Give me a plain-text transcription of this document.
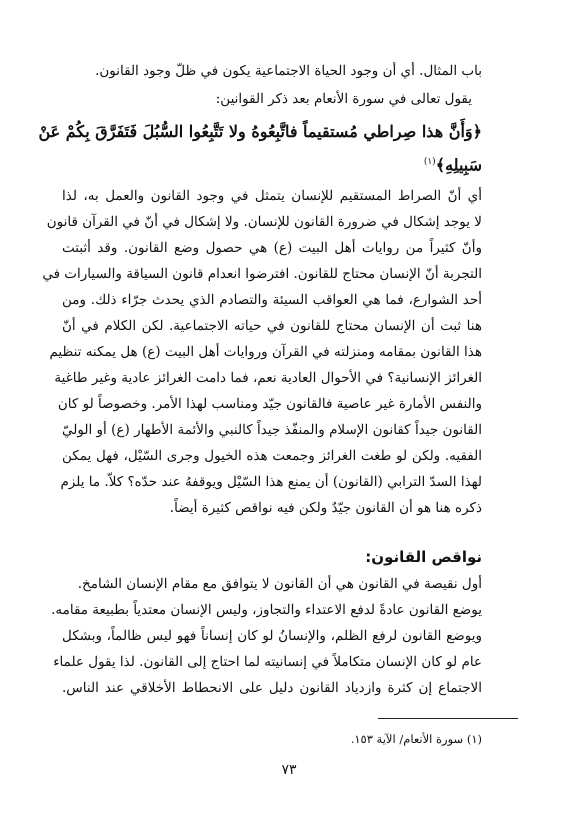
باب المثال. أي أن وجود الحياة الاجتماعية يكون في ظلّ وجود القانون.
يقول تعالى في سورة الأنعام بعد ذكر القوانين:
﴿وَأَنَّ هذا صِراطي مُستقيماً فاتَّبِعُوهُ ولا تَتَّبِعُوا السُّبُلَ فَتَفَرَّقَ بِكُمْ عَنْ
سَبِيلِهِ﴾$^{(١)}$
أي أنّ الصراط المستقيم للإنسان يتمثل في وجود القانون والعمل به، لذا
لا يوجد إشكال في ضرورة القانون للإنسان. ولا إشكال في أنّ في القرآن قانون
وأنّ كثيراً من روايات أهل البيت (ع) هي حصول وضع القانون. وقد أثبتت
التجربة أنّ الإنسان محتاج للقانون. افترضوا انعدام قانون السياقة والسيارات في
أحد الشوارع، فما هي العواقب السيئة والتصادم الذي يحدث جرّاء ذلك. ومن
هنا ثبت أن الإنسان محتاج للقانون في حياته الاجتماعية. لكن الكلام في أنّ
هذا القانون بمقامه ومنزلته في القرآن وروايات أهل البيت (ع) هل يمكنه تنظيم
الغرائز الإنسانية؟ في الأحوال العادية نعم، فما دامت الغرائز عادية وغير طاغية
والنفس الأمارة غير عاصية فالقانون جيّد ومناسب لهذا الأمر. وخصوصاً لو كان
القانون جيداً كقانون الإسلام والمنفّذ جيداً كالنبي والأئمة الأطهار (ع) أو الوليّ
الفقيه. ولكن لو طغت الغرائز وجمعت هذه الخيول وجرى السّيْل، فهل يمكن
لهذا السدّ الترابي (القانون) أن يمنع هذا السّيْل ويوقفهُ عند حدّه؟ كلاّ. ما يلزم
ذكره هنا هو أن القانون جيّدٌ ولكن فيه نواقص كثيرة أيضاً.
نواقص القانون:
أول نقيصة في القانون هي أن القانون لا يتوافق مع مقام الإنسان الشامخ.
يوضع القانون عادةً لدفع الاعتداء والتجاوز، وليس الإنسان معتدياً بطبيعة مقامه.
ويوضع القانون لرفع الظلم، والإنسانُ لو كان إنساناً فهو ليس ظالماً، وبشكل
عام لو كان الإنسان متكاملاً في إنسانيته لما احتاج إلى القانون. لذا يقول علماء
الاجتماع إن كثرة وازدياد القانون دليل على الانحطاط الأخلاقي عند الناس.
(١) سورة الأنعام/ الآية ١٥٣.
٧٣
